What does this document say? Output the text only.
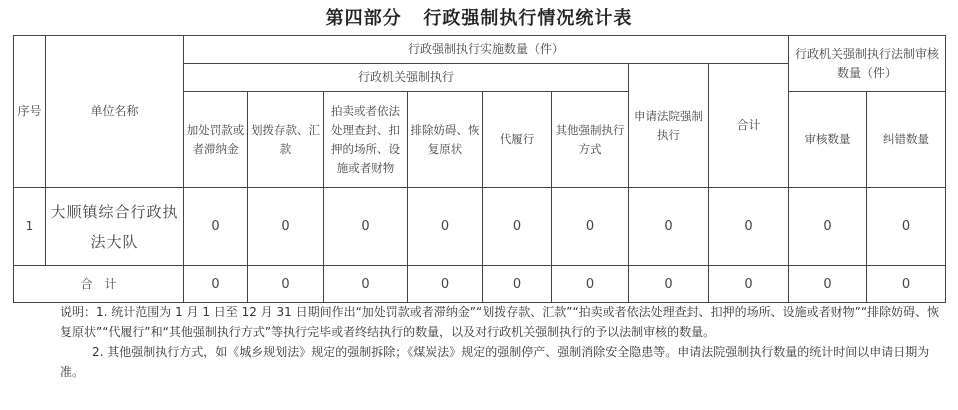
第四部分   行政强制执行情况统计表
序号	单位名称	行政强制执行实施数量（件）								行政机关强制执行法制审核数量（件）	
		行政机关强制执行						申请法院强制执行	合计		
		加处罚款或者滞纳金	划拨存款、汇款	拍卖或者依法处理查封、扣押的场所、设施或者财物	排除妨碍、恢复原状	代履行	其他强制执行方式			审核数量	纠错数量

1	大顺镇综合行政执法大队	0	0	0	0	0	0	0	0	0	0
合　计		0	0	0	0	0	0	0	0	0	0

说明：1. 统计范围为 1 月 1 日至 12 月 31 日期间作出“加处罚款或者滞纳金”“划拨存款、汇款”“拍卖或者依法处理查封、扣押的场所、设施或者财物”“排除妨碍、恢复原状”“代履行”和“其他强制执行方式”等执行完毕或者终结执行的数量，以及对行政机关强制执行的予以法制审核的数量。

2. 其他强制执行方式，如《城乡规划法》规定的强制拆除；《煤炭法》规定的强制停产、强制消除安全隐患等。申请法院强制执行数量的统计时间以申请日期为准。
